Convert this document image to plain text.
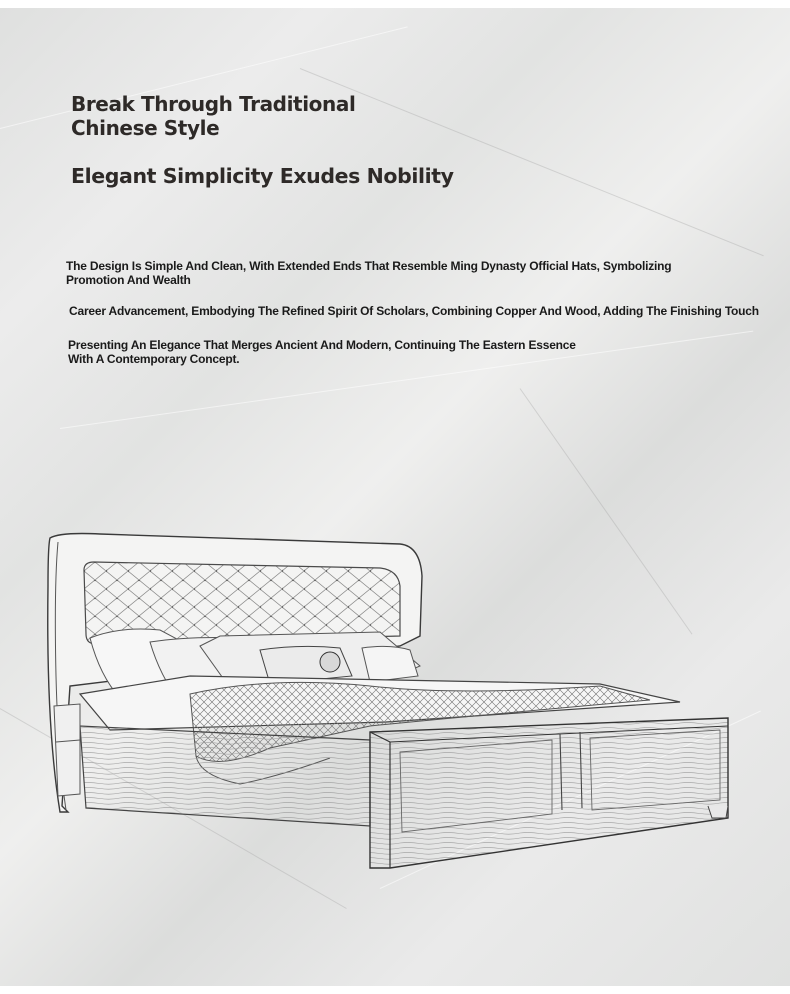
Break Through Traditional
Chinese Style
Elegant Simplicity Exudes Nobility

The Design Is Simple And Clean, With Extended Ends That Resemble Ming Dynasty Official Hats, Symbolizing Promotion And Wealth

Career Advancement, Embodying The Refined Spirit Of Scholars, Combining Copper And Wood, Adding The Finishing Touch

Presenting An Elegance That Merges Ancient And Modern, Continuing The Eastern Essence
With A Contemporary Concept.
